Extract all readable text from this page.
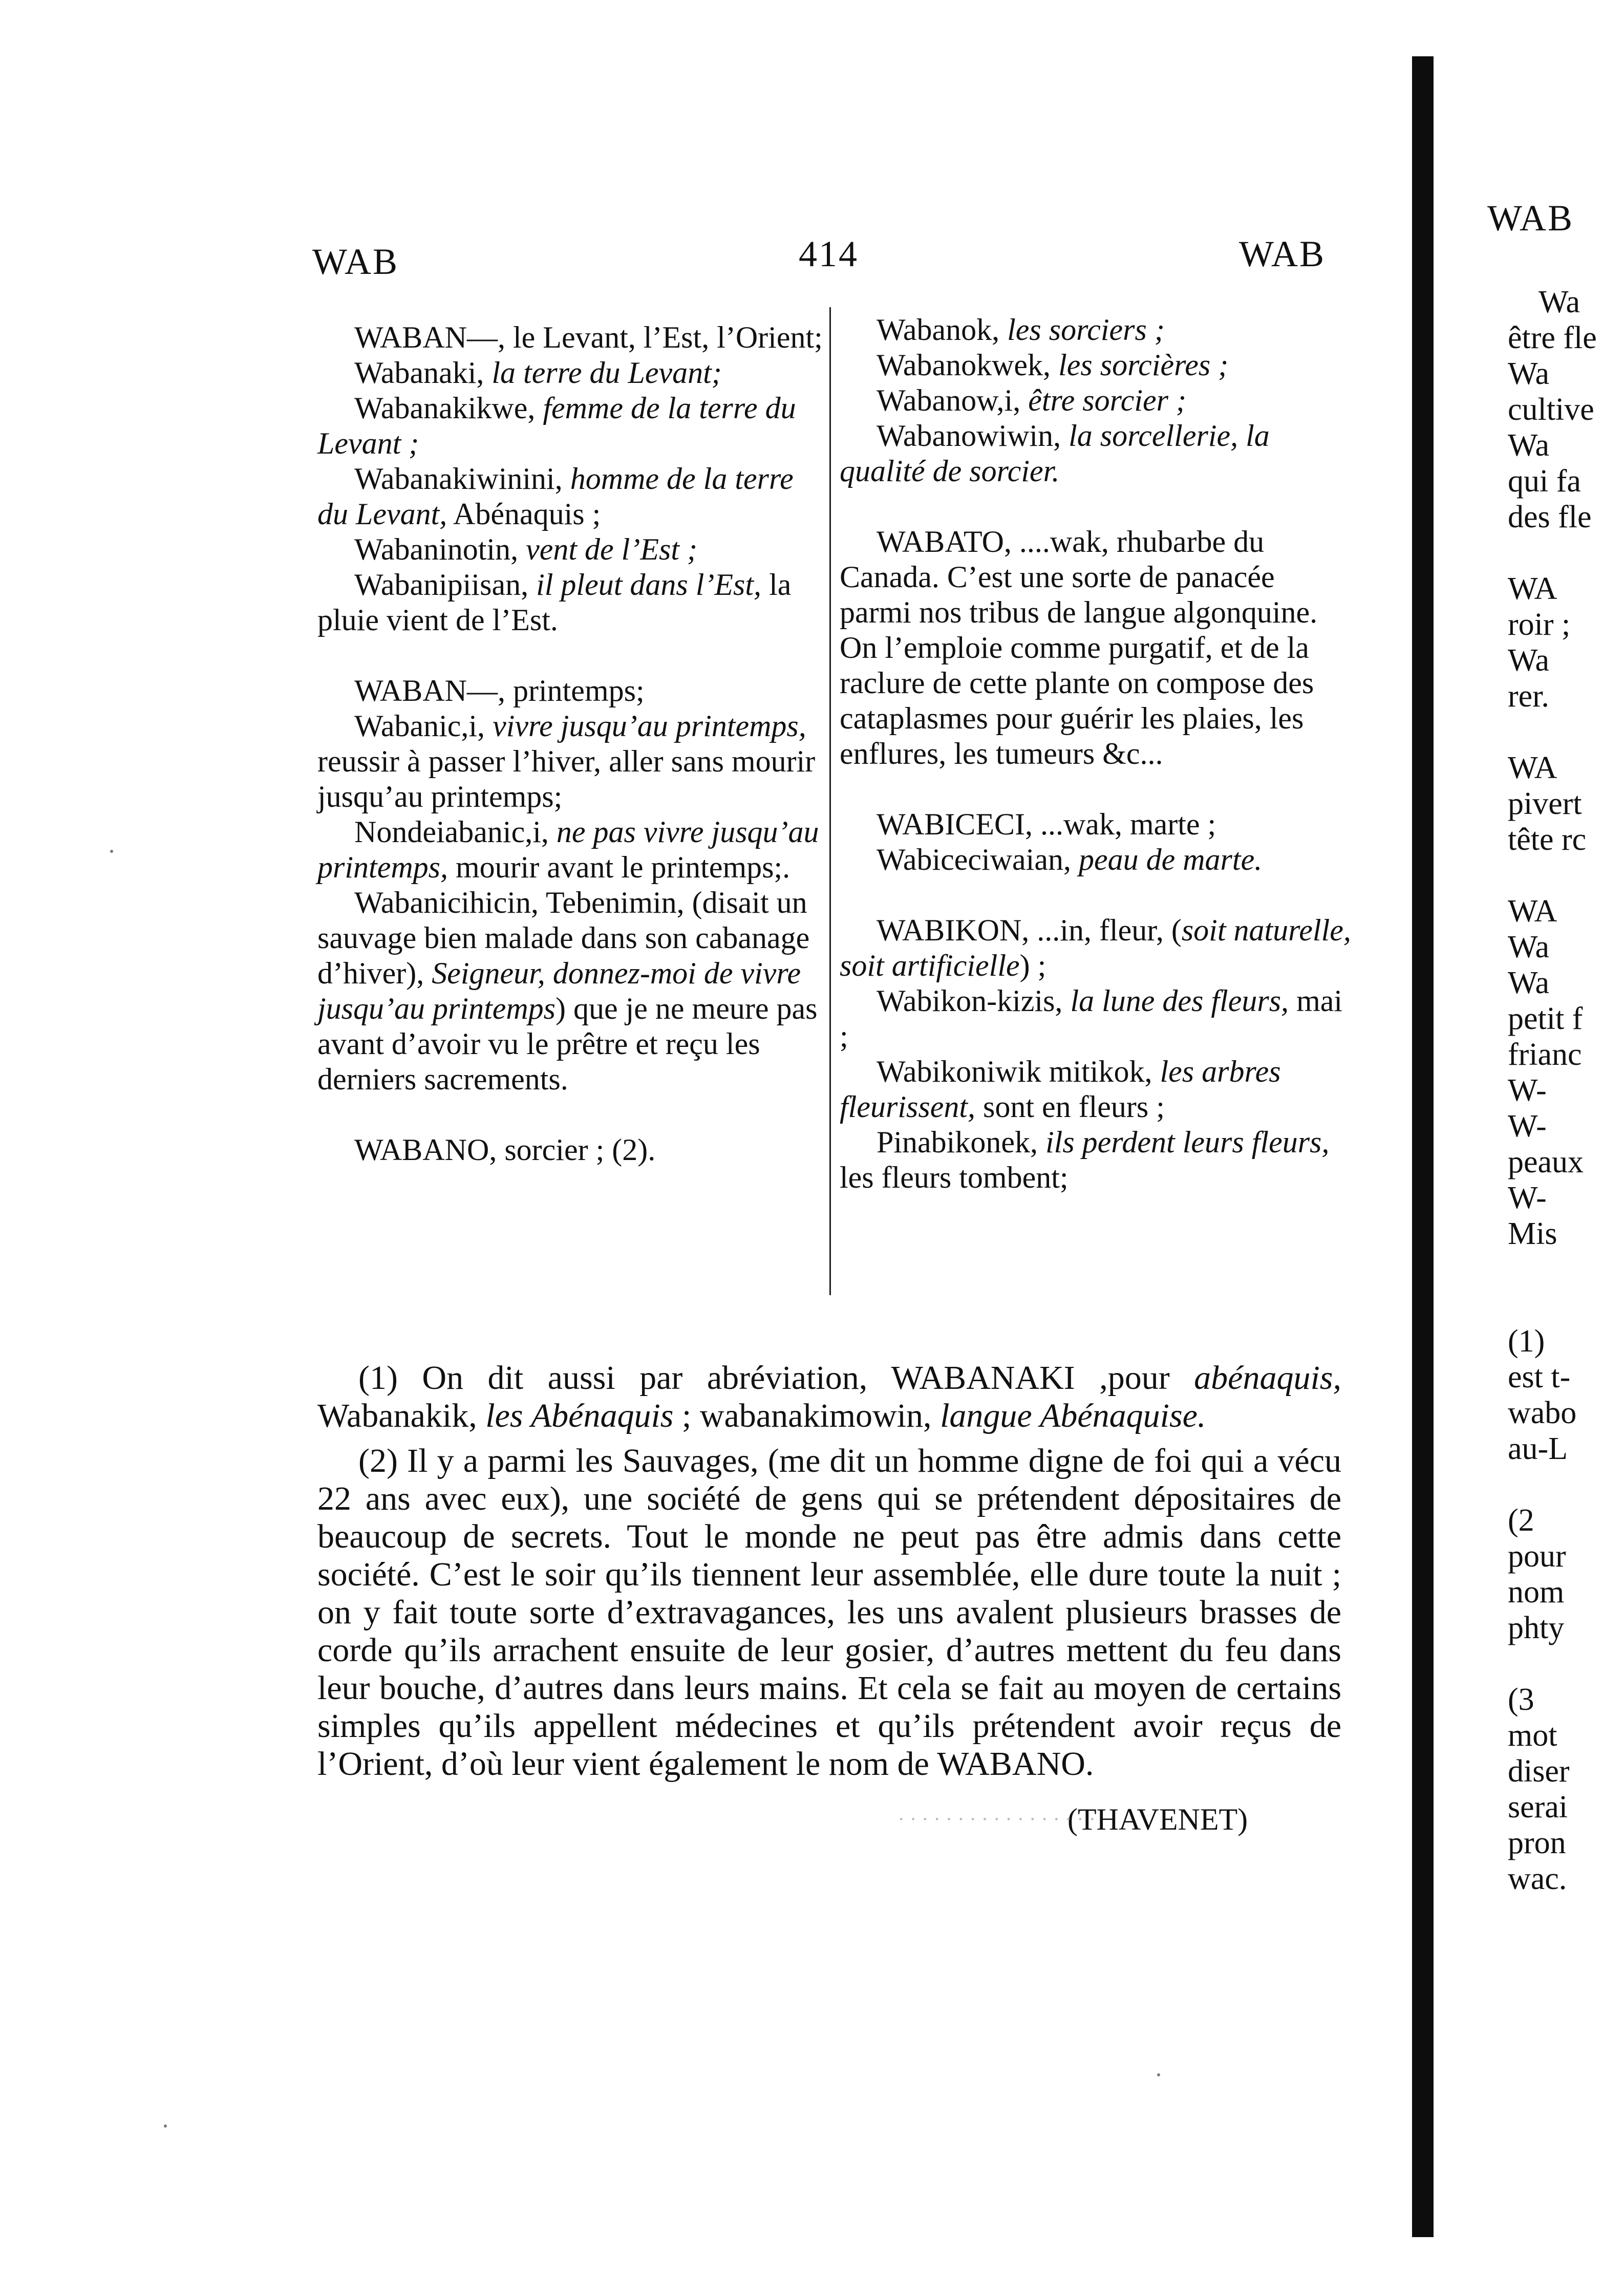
WAB	414	WAB

WABAN—, le Levant, l’Est, l’Orient;

Wabanaki, la terre du Levant;

Wabanakikwe, femme de la terre du Levant ;

Wabanakiwinini, homme de la terre du Levant, Abénaquis ;

Wabaninotin, vent de l’Est ;

Wabanipiisan, il pleut dans l’Est, la pluie vient de l’Est.

WABAN—, printemps;

Wabanic,i, vivre jusqu’au printemps, reussir à passer l’hiver, aller sans mourir jusqu’au printemps;

Nondeiabanic,i, ne pas vivre jusqu’au printemps, mourir avant le printemps;.

Wabanicihicin, Tebenimin, (disait un sauvage bien malade dans son cabanage d’hiver), Seigneur, donnez-moi de vivre jusqu’au printemps) que je ne meure pas avant d’avoir vu le prêtre et reçu les derniers sacrements.

WABANO, sorcier ; (2).

Wabanok, les sorciers ;

Wabanokwek, les sorcières ;

Wabanow,i, être sorcier ;

Wabanowiwin, la sorcellerie, la qualité de sorcier.

WABATO, ....wak, rhubarbe du Canada. C’est une sorte de panacée parmi nos tribus de langue algonquine. On l’emploie comme purgatif, et de la raclure de cette plante on compose des cataplasmes pour guérir les plaies, les enflures, les tumeurs &c...

WABICECI, ...wak, marte ;

Wabiceciwaian, peau de marte.

WABIKON, ...in, fleur, (soit naturelle, soit artificielle) ;

Wabikon-kizis, la lune des fleurs, mai ;

Wabikoniwik mitikok, les arbres fleurissent, sont en fleurs ;

Pinabikonek, ils perdent leurs fleurs, les fleurs tombent;

(1) On dit aussi par abréviation, WABANAKI ,pour abénaquis, Wabanakik, les Abénaquis ; wabanakimowin, langue Abénaquise.

(2) Il y a parmi les Sauvages, (me dit un homme digne de foi qui a vécu 22 ans avec eux), une société de gens qui se prétendent dépositaires de beaucoup de secrets. Tout le monde ne peut pas être admis dans cette société. C’est le soir qu’ils tiennent leur assemblée, elle dure toute la nuit ; on y fait toute sorte d’extravagances, les uns avalent plusieurs brasses de corde qu’ils arrachent ensuite de leur gosier, d’autres mettent du feu dans leur bouche, d’autres dans leurs mains. Et cela se fait au moyen de certains simples qu’ils appellent médecines et qu’ils prétendent avoir reçus de l’Orient, d’où leur vient également le nom de WABANO.

(THAVENET)
· · · · · · · · · · · · · · · · ·
WAB

Wa

être fle

Wa

cultive

Wa

qui fa

des fle

WA

roir ;

Wa

rer.

WA

pivert

tête rc

WA

Wa

Wa

petit f

frianc

W-

W-

peaux

W-

Mis

(1)

est t-

wabo

au-L

(2

pour

nom

phty

(3

mot

diser

serai

pron

wac.
